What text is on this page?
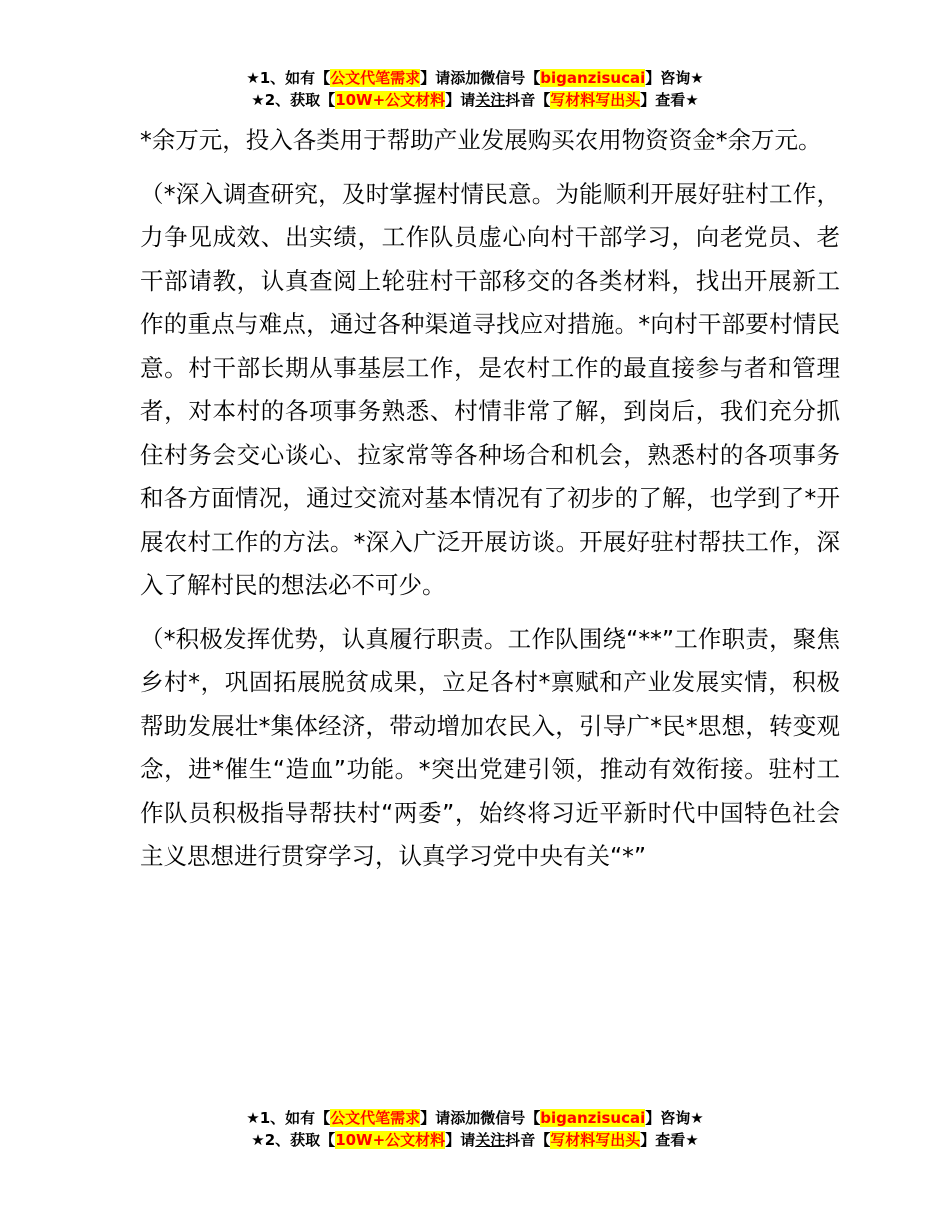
★1、如有【公文代笔需求】请添加微信号【biganzisucai】咨询★
★2、获取【10W+公文材料】请关注抖音【写材料写出头】查看★

*余万元，投入各类用于帮助产业发展购买农用物资资金*余万元。

（*深入调查研究，及时掌握村情民意。为能顺利开展好驻村工作，力争见成效、出实绩，工作队员虚心向村干部学习，向老党员、老干部请教，认真查阅上轮驻村干部移交的各类材料，找出开展新工作的重点与难点，通过各种渠道寻找应对措施。*向村干部要村情民意。村干部长期从事基层工作，是农村工作的最直接参与者和管理者，对本村的各项事务熟悉、村情非常了解，到岗后，我们充分抓住村务会交心谈心、拉家常等各种场合和机会，熟悉村的各项事务和各方面情况，通过交流对基本情况有了初步的了解，也学到了*开展农村工作的方法。*深入广泛开展访谈。开展好驻村帮扶工作，深入了解村民的想法必不可少。

（*积极发挥优势，认真履行职责。工作队围绕“**”工作职责，聚焦乡村*，巩固拓展脱贫成果，立足各村*禀赋和产业发展实情，积极帮助发展壮*集体经济，带动增加农民入，引导广*民*思想，转变观念，进*催生“造血”功能。*突出党建引领，推动有效衔接。驻村工作队员积极指导帮扶村“两委”，始终将习近平新时代中国特色社会主义思想进行贯穿学习，认真学习党中央有关“*”

★1、如有【公文代笔需求】请添加微信号【biganzisucai】咨询★
★2、获取【10W+公文材料】请关注抖音【写材料写出头】查看★
